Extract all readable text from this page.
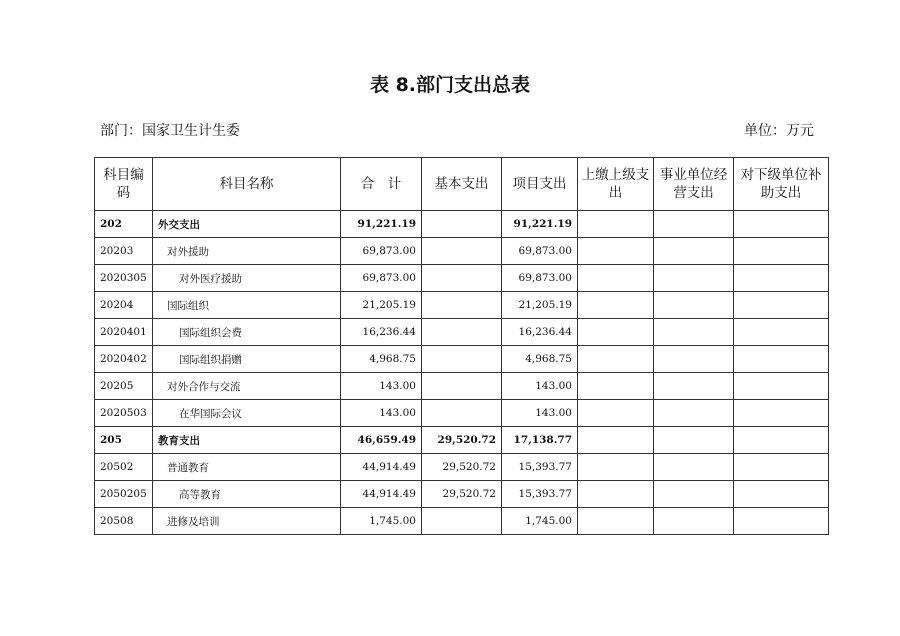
表 8.部门支出总表
部门：国家卫生计生委	单位：万元
科目编码	科目名称	合　计	基本支出	项目支出	上缴上级支出	事业单位经营支出	对下级单位补助支出
202	外交支出	91,221.19		91,221.19			
20203	对外援助	69,873.00		69,873.00			
2020305	对外医疗援助	69,873.00		69,873.00			
20204	国际组织	21,205.19		21,205.19			
2020401	国际组织会费	16,236.44		16,236.44			
2020402	国际组织捐赠	4,968.75		4,968.75			
20205	对外合作与交流	143.00		143.00			
2020503	在华国际会议	143.00		143.00			
205	教育支出	46,659.49	29,520.72	17,138.77			
20502	普通教育	44,914.49	29,520.72	15,393.77			
2050205	高等教育	44,914.49	29,520.72	15,393.77			
20508	进修及培训	1,745.00		1,745.00			
